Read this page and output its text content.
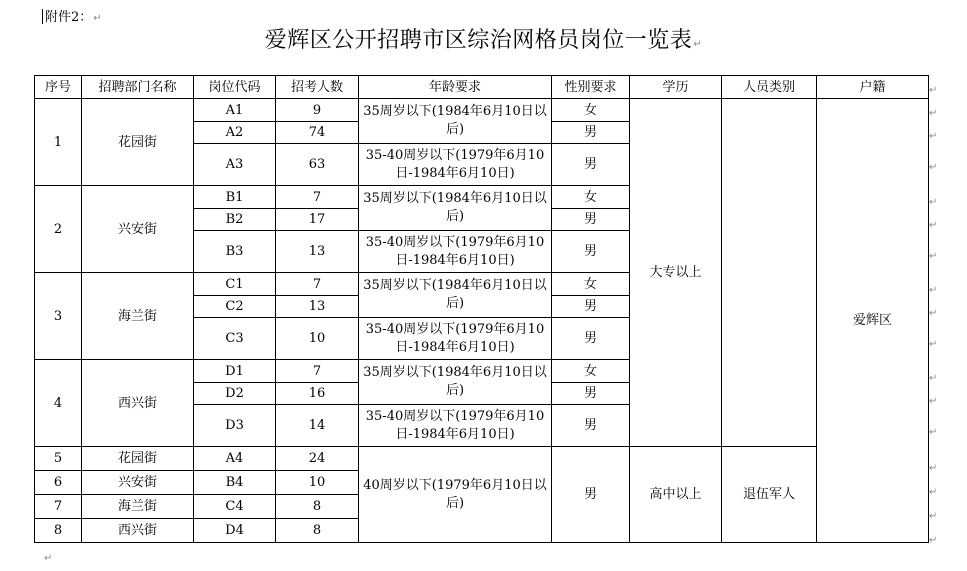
附件2：↵
爱辉区公开招聘市区综治网格员岗位一览表↵
序号	招聘部门名称	岗位代码	招考人数	年龄要求	性别要求	学历	人员类别	户籍
1	花园街	A1	9	35周岁以下(1984年6月10日以后)	女	大专以上		爱辉区
		A2	74		男			
		A3	63	35-40周岁以下(1979年6月10日-1984年6月10日)	男			
2	兴安街	B1	7	35周岁以下(1984年6月10日以后)	女			
		B2	17		男			
		B3	13	35-40周岁以下(1979年6月10日-1984年6月10日)	男			
3	海兰街	C1	7	35周岁以下(1984年6月10日以后)	女			
		C2	13		男			
		C3	10	35-40周岁以下(1979年6月10日-1984年6月10日)	男			
4	西兴街	D1	7	35周岁以下(1984年6月10日以后)	女			
		D2	16		男			
		D3	14	35-40周岁以下(1979年6月10日-1984年6月10日)	男			
5	花园街	A4	24	40周岁以下(1979年6月10日以后)	男	高中以上	退伍军人	
6	兴安街	B4	10					
7	海兰街	C4	8					
8	西兴街	D4	8					
↵
↵
↵
↵
↵
↵
↵
↵
↵
↵
↵
↵
↵
↵
↵
↵
↵
↵
